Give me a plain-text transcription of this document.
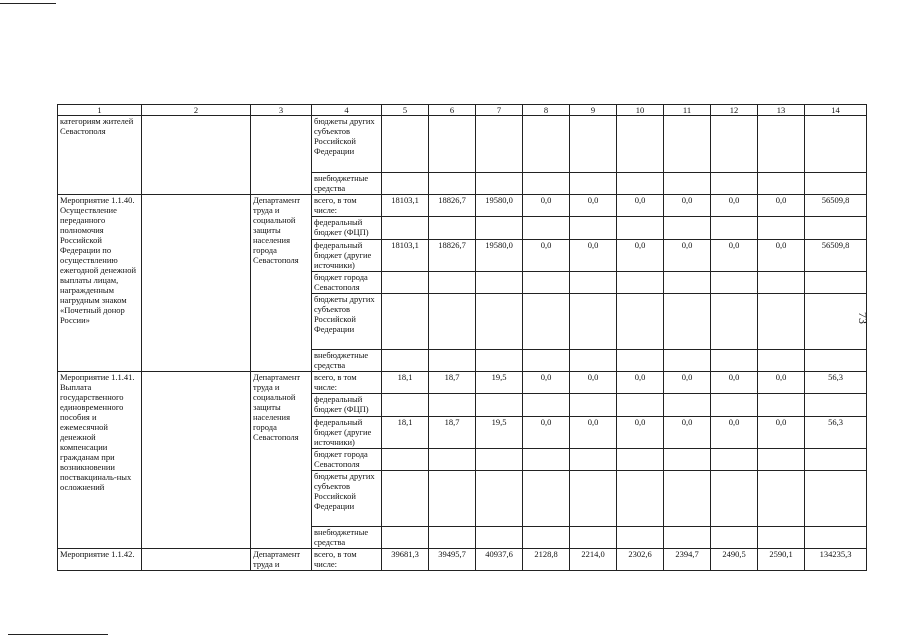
73
1	2	3	4	5	6	7	8	9	10	11	12	13	14
категориям жителей Севастополя			бюджеты других субъектов Российской Федерации										
			внебюджетные средства										
Мероприятие 1.1.40. Осуществление переданного полномочия Российской Федерации по осуществлению ежегодной денежной выплаты лицам, награжденным нагрудным знаком «Почетный донор России»		Департамент труда и социальной защиты населения города Севастополя	всего, в том числе:	18103,1	18826,7	19580,0	0,0	0,0	0,0	0,0	0,0	0,0	56509,8
			федеральный бюджет (ФЦП)										
			федеральный бюджет (другие источники)	18103,1	18826,7	19580,0	0,0	0,0	0,0	0,0	0,0	0,0	56509,8
			бюджет города Севастополя										
			бюджеты других субъектов Российской Федерации										
			внебюджетные средства										
Мероприятие 1.1.41. Выплата государственного единовременного пособия и ежемесячной денежной компенсации гражданам при возникновении поствакциналь-ных осложнений		Департамент труда и социальной защиты населения города Севастополя	всего, в том числе:	18,1	18,7	19,5	0,0	0,0	0,0	0,0	0,0	0,0	56,3
			федеральный бюджет (ФЦП)										
			федеральный бюджет (другие источники)	18,1	18,7	19,5	0,0	0,0	0,0	0,0	0,0	0,0	56,3
			бюджет города Севастополя										
			бюджеты других субъектов Российской Федерации										
			внебюджетные средства										
Мероприятие 1.1.42.		Департамент труда и	всего, в том числе:	39681,3	39495,7	40937,6	2128,8	2214,0	2302,6	2394,7	2490,5	2590,1	134235,3
